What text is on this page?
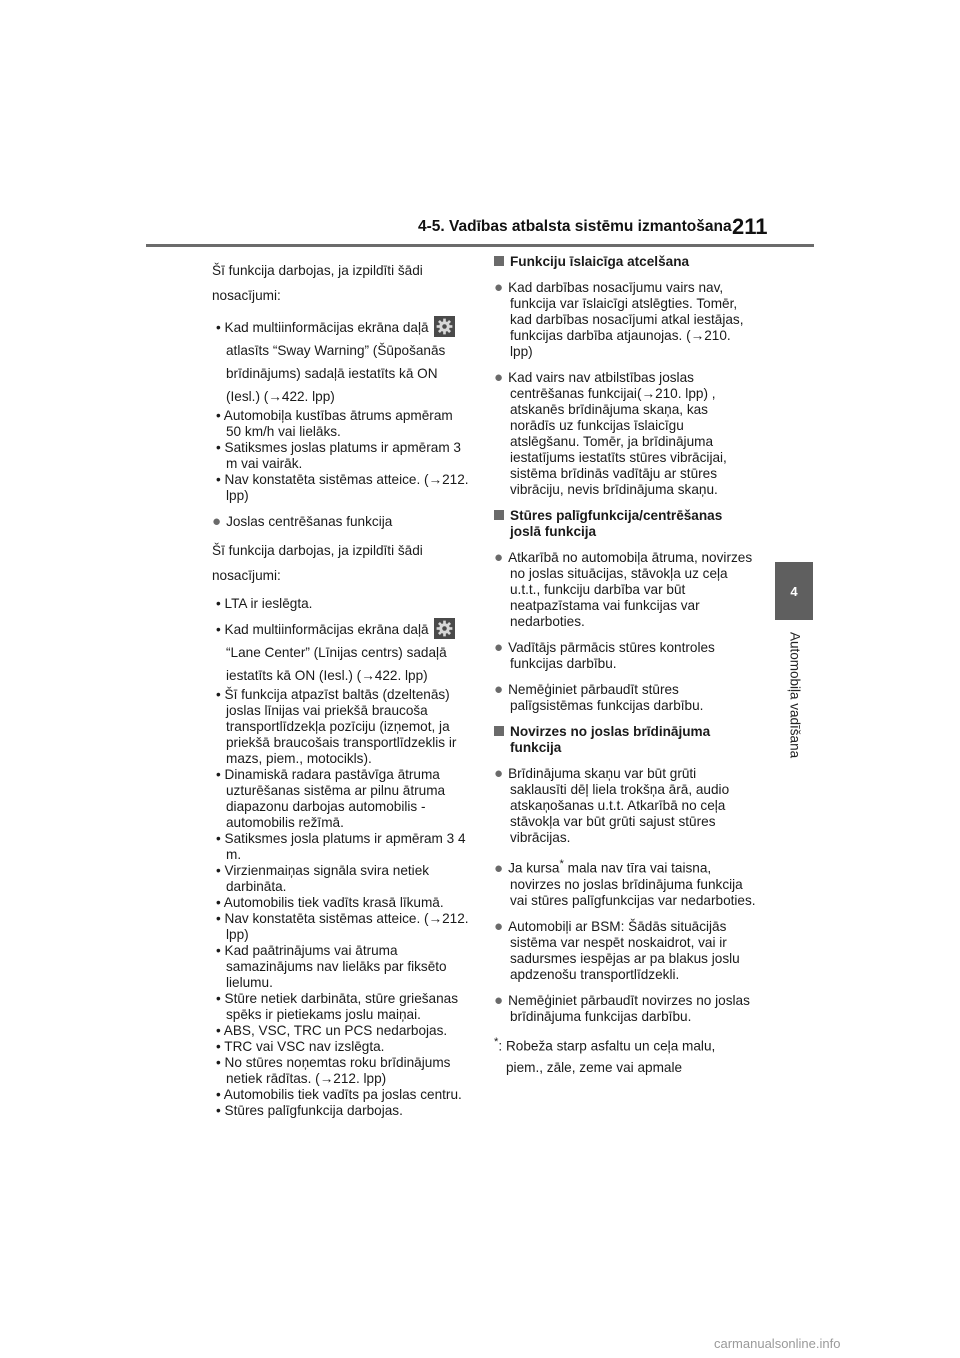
4-5. Vadības atbalsta sistēmu izmantošana 211
4
Automobiļa vadīšana

Šī funkcija darbojas, ja izpildīti šādi nosacījumi:

• Kad multiinformācijas ekrāna daļā
atlasīts “Sway Warning” (Šūpošanās brīdinājums) sadaļā iestatīts kā ON (Iesl.) (→422. lpp)

• Automobiļa kustības ātrums apmēram 50 km/h vai lielāks.

• Satiksmes joslas platums ir apmēram 3 m vai vairāk.

• Nav konstatēta sistēmas atteice. (→212. lpp)

● Joslas centrēšanas funkcija

Šī funkcija darbojas, ja izpildīti šādi nosacījumi:

• LTA ir ieslēgta.

• Kad multiinformācijas ekrāna daļā
“Lane Center” (Līnijas centrs) sadaļā iestatīts kā ON (Iesl.) (→422. lpp)

• Šī funkcija atpazīst baltās (dzeltenās) joslas līnijas vai priekšā braucoša transportlīdzekļa pozīciju (izņemot, ja priekšā braucošais transportlīdzeklis ir mazs, piem., motocikls).

• Dinamiskā radara pastāvīga ātruma uzturēšanas sistēma ar pilnu ātruma diapazonu darbojas automobilis - automobilis režīmā.

• Satiksmes josla platums ir apmēram 3 4 m.

• Virzienmaiņas signāla svira netiek darbināta.

• Automobilis tiek vadīts krasā līkumā.

• Nav konstatēta sistēmas atteice. (→212. lpp)

• Kad paātrinājums vai ātruma samazinājums nav lielāks par fiksēto lielumu.

• Stūre netiek darbināta, stūre griešanas spēks ir pietiekams joslu maiņai.

• ABS, VSC, TRC un PCS nedarbojas.

• TRC vai VSC nav izslēgta.

• No stūres noņemtas roku brīdinājums netiek rādītas. (→212. lpp)

• Automobilis tiek vadīts pa joslas centru.

• Stūres palīgfunkcija darbojas.

Funkciju īslaicīga atcelšana

● Kad darbības nosacījumu vairs nav, funkcija var īslaicīgi atslēgties. Tomēr, kad darbības nosacījumi atkal iestājas, funkcijas darbība atjaunojas. (→210. lpp)

● Kad vairs nav atbilstības joslas centrēšanas funkcijai(→210. lpp) , atskanēs brīdinājuma skaņa, kas norādīs uz funkcijas īslaicīgu atslēgšanu. Tomēr, ja brīdinājuma iestatījums iestatīts stūres vibrācijai, sistēma brīdinās vadītāju ar stūres vibrāciju, nevis brīdinājuma skaņu.

Stūres palīgfunkcija/centrēšanas joslā funkcija

● Atkarībā no automobiļa ātruma, novirzes no joslas situācijas, stāvokļa uz ceļa u.t.t., funkciju darbība var būt neatpazīstama vai funkcijas var nedarboties.

● Vadītājs pārmācis stūres kontroles funkcijas darbību.

● Nemēģiniet pārbaudīt stūres palīgsistēmas funkcijas darbību.

Novirzes no joslas brīdinājuma funkcija

● Brīdinājuma skaņu var būt grūti saklausīti dēļ liela trokšņa ārā, audio atskaņošanas u.t.t. Atkarībā no ceļa stāvokļa var būt grūti sajust stūres vibrācijas.

● Ja kursa* mala nav tīra vai taisna, novirzes no joslas brīdinājuma funkcija vai stūres palīgfunkcijas var nedarboties.

● Automobiļi ar BSM: Šādās situācijās sistēma var nespēt noskaidrot, vai ir sadursmes iespējas ar pa blakus joslu apdzenošu transportlīdzekli.

● Nemēģiniet pārbaudīt novirzes no joslas brīdinājuma funkcijas darbību.

*: Robeža starp asfaltu un ceļa malu,
piem., zāle, zeme vai apmale
carmanualsonline.info
